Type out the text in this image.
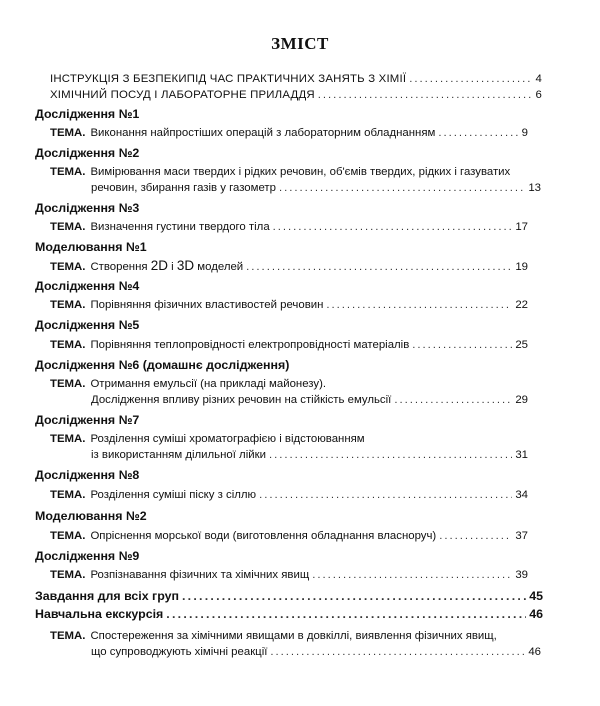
ЗМІСТ
ІНСТРУКЦІЯ З БЕЗПЕКИПІД ЧАС ПРАКТИЧНИХ ЗАНЯТЬ З ХІМІЇ . . .	4
ХІМІЧНИЙ ПОСУД І ЛАБОРАТОРНЕ ПРИЛАДДЯ . . .	6
Дослідження №1
ТЕМА. Виконання найпростіших операцій з лабораторним обладнанням . . .	9
Дослідження №2
ТЕМА. Вимірювання маси твердих і рідких речовин, об'ємів твердих, рідких і газуватих
речовин, збирання газів у газометр . . .	13
Дослідження №3
ТЕМА. Визначення густини твердого тіла . . .	17
Моделювання №1
ТЕМА. Створення 2D і 3D моделей . . .	19
Дослідження №4
ТЕМА. Порівняння фізичних властивостей речовин . . .	22
Дослідження №5
ТЕМА. Порівняння теплопровідності електропровідності матеріалів . . .	25
Дослідження №6 (домашнє дослідження)
ТЕМА. Отримання емульсії (на прикладі майонезу).
Дослідження впливу різних речовин на стійкість емульсії . . .	29
Дослідження №7
ТЕМА. Розділення суміші хроматографією і відстоюванням
із використанням ділильної лійки . . .	31
Дослідження №8
ТЕМА. Розділення суміші піску з сіллю . . .	34
Моделювання №2
ТЕМА. Опріснення морської води (виготовлення обладнання власноруч) . . .	37
Дослідження №9
ТЕМА. Розпізнавання фізичних та хімічних явищ . . .	39
Завдання для всіх груп . . .	45
Навчальна екскурсія . . .	46
ТЕМА. Спостереження за хімічними явищами в довкіллі, виявлення фізичних явищ,
що супроводжують хімічні реакції . . .	46
